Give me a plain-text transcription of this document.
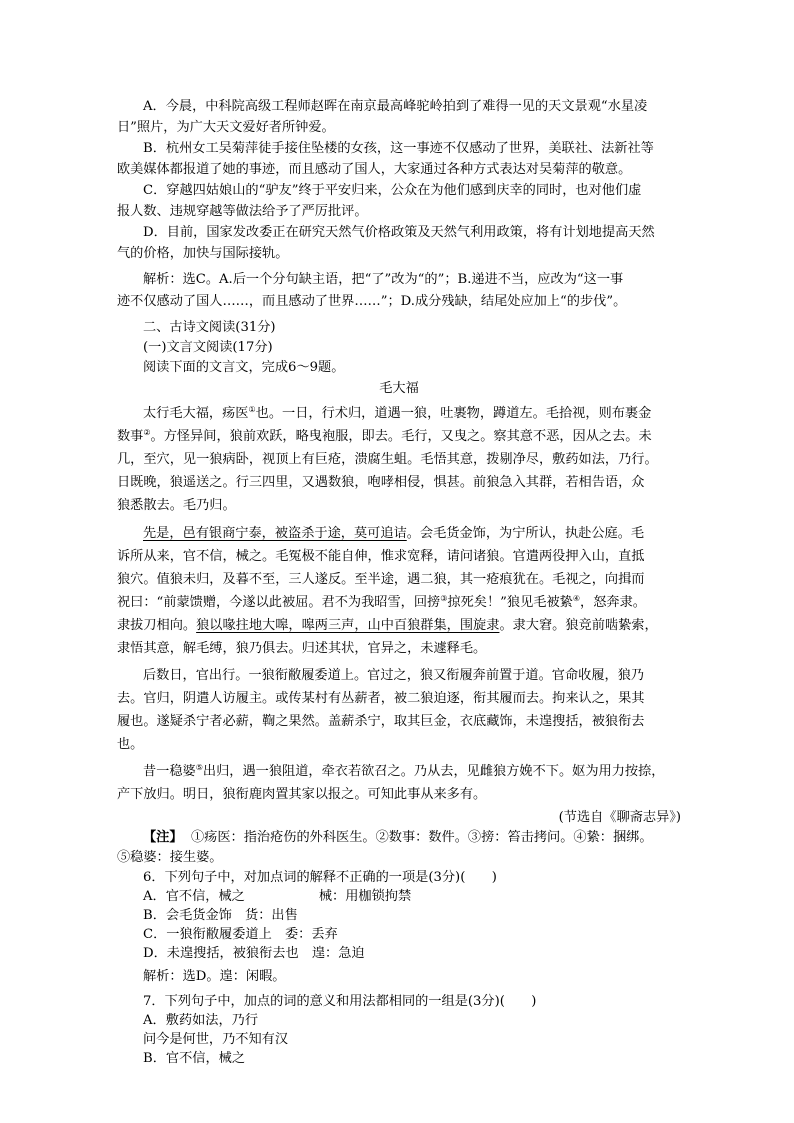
A．今晨，中科院高级工程师赵晖在南京最高峰驼岭拍到了难得一见的天文景观“水星凌
日”照片，为广大天文爱好者所钟爱。
B．杭州女工吴菊萍徒手接住坠楼的女孩，这一事迹不仅感动了世界，美联社、法新社等
欧美媒体都报道了她的事迹，而且感动了国人，大家通过各种方式表达对吴菊萍的敬意。
C．穿越四姑娘山的“驴友”终于平安归来，公众在为他们感到庆幸的同时，也对他们虚
报人数、违规穿越等做法给予了严厉批评。
D．目前，国家发改委正在研究天然气价格政策及天然气利用政策，将有计划地提高天然
气的价格，加快与国际接轨。
解析：选C。A.后一个分句缺主语，把“了”改为“的”；B.递进不当，应改为“这一事
迹不仅感动了国人……，而且感动了世界……”；D.成分残缺，结尾处应加上“的步伐”。
二、古诗文阅读(31分)
(一)文言文阅读(17分)
阅读下面的文言文，完成6～9题。
毛大福
太行毛大福，疡医①也。一日，行术归，道遇一狼，吐裹物，蹲道左。毛拾视，则布裹金
数事②。方怪异间，狼前欢跃，略曳袍服，即去。毛行，又曳之。察其意不恶，因从之去。未
几，至穴，见一狼病卧，视顶上有巨疮，溃腐生蛆。毛悟其意，拨剔净尽，敷药如法，乃行。
日既晚，狼遥送之。行三四里，又遇数狼，咆哮相侵，惧甚。前狼急入其群，若相告语，众
狼悉散去。毛乃归。
先是，邑有银商宁泰，被盗杀于途，莫可追诘。会毛货金饰，为宁所认，执赴公庭。毛
诉所从来，官不信，械之。毛冤极不能自伸，惟求宽释，请问诸狼。官遣两役押入山，直抵
狼穴。值狼未归，及暮不至，三人遂反。至半途，遇二狼，其一疮痕犹在。毛视之，向揖而
祝曰：“前蒙馈赠，今遂以此被屈。君不为我昭雪，回搒③掠死矣！”狼见毛被絷④，怒奔隶。
隶拔刀相向。狼以喙拄地大嗥，嗥两三声，山中百狼群集，围旋隶。隶大窘。狼竞前啮絷索，
隶悟其意，解毛缚，狼乃俱去。归述其状，官异之，未遽释毛。
后数日，官出行。一狼衔敝履委道上。官过之，狼又衔履奔前置于道。官命收履，狼乃
去。官归，阴遣人访履主。或传某村有丛薪者，被二狼迫逐，衔其履而去。拘来认之，果其
履也。遂疑杀宁者必薪，鞫之果然。盖薪杀宁，取其巨金，衣底藏饰，未遑搜括，被狼衔去
也。
昔一稳婆⑤出归，遇一狼阻道，牵衣若欲召之。乃从去，见雌狼方娩不下。妪为用力按捺，
产下放归。明日，狼衔鹿肉置其家以报之。可知此事从来多有。
(节选自《聊斋志异》)
【注】 ①疡医：指治疮伤的外科医生。②数事：数件。③搒：笞击拷问。④絷：捆绑。
⑤稳婆：接生婆。
6．下列句子中，对加点词的解释不正确的一项是(3分)(　　)
A．官不信，械之	械：用枷锁拘禁
B．会毛货金饰　货：出售
C．一狼衔敝履委道上　委：丢弃
D．未遑搜括，被狼衔去也　遑：急迫
解析：选D。遑：闲暇。
7．下列句子中，加点的词的意义和用法都相同的一组是(3分)(　　)
A．敷药如法，乃行
问今是何世，乃不知有汉
B．官不信，械之
